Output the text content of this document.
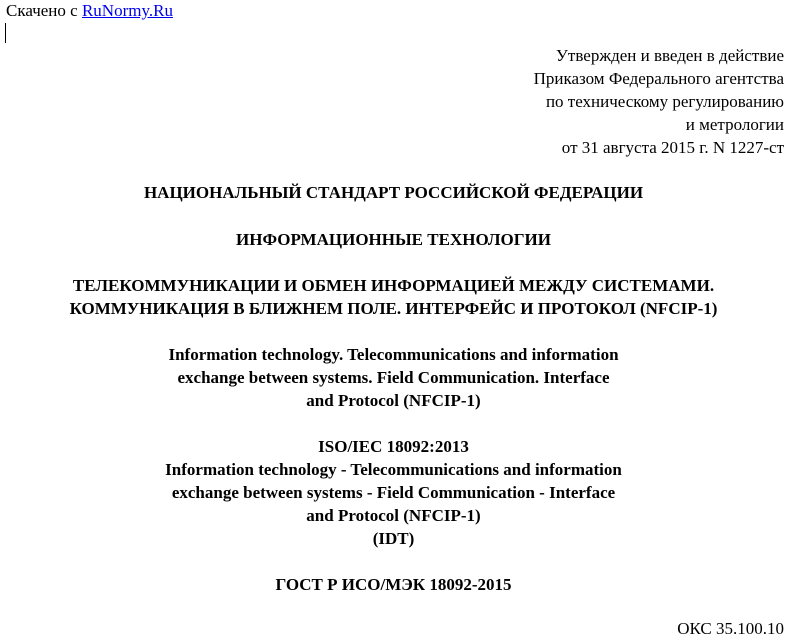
Скачено с RuNormy.Ru
Утвержден и введен в действие
Приказом Федерального агентства
по техническому регулированию
и метрологии
от 31 августа 2015 г. N 1227-ст
НАЦИОНАЛЬНЫЙ СТАНДАРТ РОССИЙСКОЙ ФЕДЕРАЦИИ
ИНФОРМАЦИОННЫЕ ТЕХНОЛОГИИ
ТЕЛЕКОММУНИКАЦИИ И ОБМЕН ИНФОРМАЦИЕЙ МЕЖДУ СИСТЕМАМИ.
КОММУНИКАЦИЯ В БЛИЖНЕМ ПОЛЕ. ИНТЕРФЕЙС И ПРОТОКОЛ (NFCIP-1)
Information technology. Telecommunications and information
exchange between systems. Field Communication. Interface
and Protocol (NFCIP-1)
ISO/IEC 18092:2013
Information technology - Telecommunications and information
exchange between systems - Field Communication - Interface
and Protocol (NFCIP-1)
(IDT)
ГОСТ Р ИСО/МЭК 18092-2015
ОКС 35.100.10
